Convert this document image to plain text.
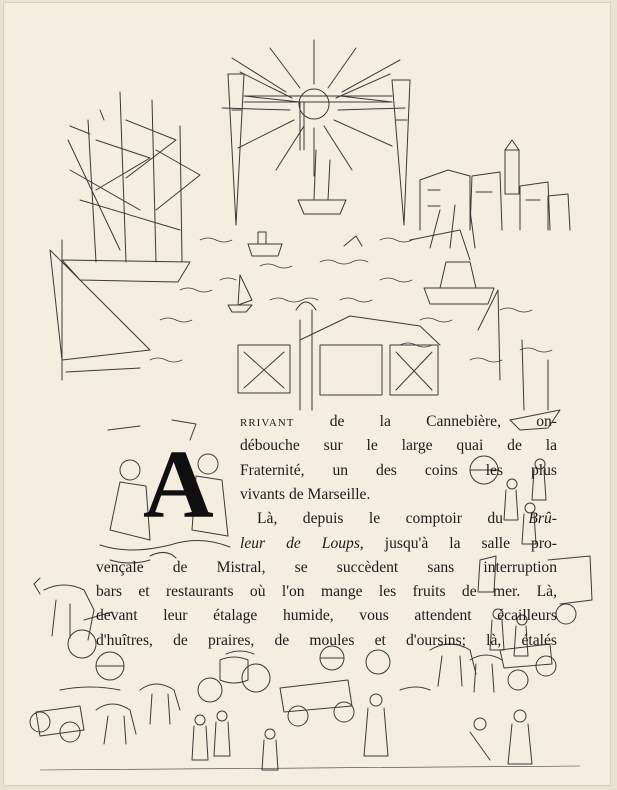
A
rrivant de la Cannebière, on-
débouche sur le large quai de la
Fraternité, un des coins les plus
vivants de Marseille.
Là, depuis le comptoir du Brû-
leur de Loups, jusqu'à la salle pro-
vençale de Mistral, se succèdent sans interruption
bars et restaurants où l'on mange les fruits de mer. Là,
devant leur étalage humide, vous attendent écailleurs
d'huîtres, de praires, de moules et d'oursins; là, étalés
